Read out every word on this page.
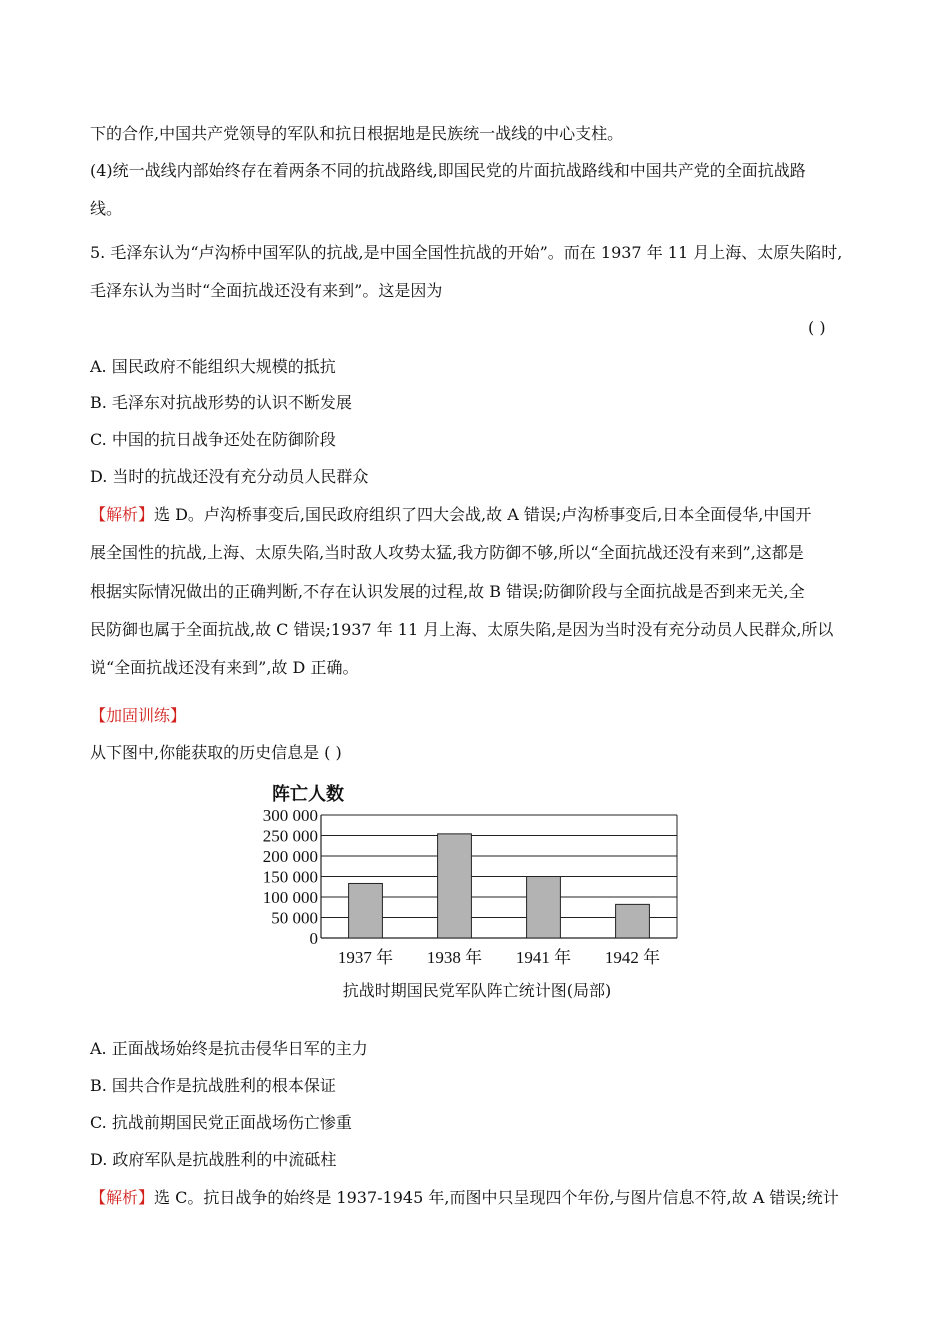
下的合作,中国共产党领导的军队和抗日根据地是民族统一战线的中心支柱。
(4)统一战线内部始终存在着两条不同的抗战路线,即国民党的片面抗战路线和中国共产党的全面抗战路
线。
5. 毛泽东认为“卢沟桥中国军队的抗战,是中国全国性抗战的开始”。而在 1937 年 11 月上海、太原失陷时,
毛泽东认为当时“全面抗战还没有来到”。这是因为
( )
A. 国民政府不能组织大规模的抵抗
B. 毛泽东对抗战形势的认识不断发展
C. 中国的抗日战争还处在防御阶段
D. 当时的抗战还没有充分动员人民群众
【解析】选 D。卢沟桥事变后,国民政府组织了四大会战,故 A 错误;卢沟桥事变后,日本全面侵华,中国开
展全国性的抗战,上海、太原失陷,当时敌人攻势太猛,我方防御不够,所以“全面抗战还没有来到”,这都是
根据实际情况做出的正确判断,不存在认识发展的过程,故 B 错误;防御阶段与全面抗战是否到来无关,全
民防御也属于全面抗战,故 C 错误;1937 年 11 月上海、太原失陷,是因为当时没有充分动员人民群众,所以
说“全面抗战还没有来到”,故 D 正确。
【加固训练】
从下图中,你能获取的历史信息是 ( )
阵亡人数
0
50 000
100 000
150 000
200 000
250 000
300 000
1937 年 1938 年 1941 年 1942 年
抗战时期国民党军队阵亡统计图(局部)
A. 正面战场始终是抗击侵华日军的主力
B. 国共合作是抗战胜利的根本保证
C. 抗战前期国民党正面战场伤亡惨重
D. 政府军队是抗战胜利的中流砥柱
【解析】选 C。抗日战争的始终是 1937-1945 年,而图中只呈现四个年份,与图片信息不符,故 A 错误;统计
